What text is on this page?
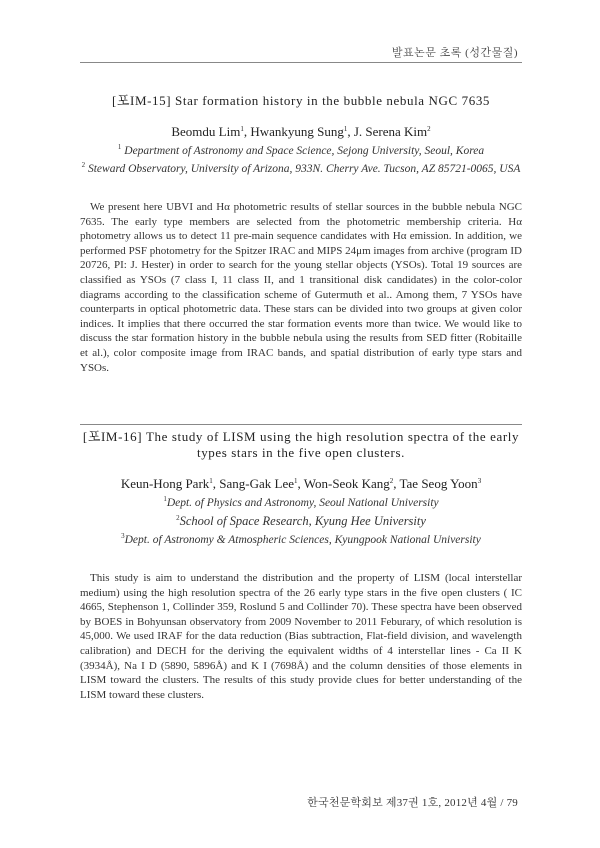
발표논문 초록 (성간물질)

[포IM-15] Star formation history in the bubble nebula NGC 7635

Beomdu Lim$^1$, Hwankyung Sung$^1$, J. Serena Kim$^2$
$^1$ Department of Astronomy and Space Science, Sejong University, Seoul, Korea
$^2$ Steward Observatory, University of Arizona, 933N. Cherry Ave. Tucson, AZ 85721-0065, USA

We present here UBVI and Hα photometric results of stellar sources in the bubble nebula NGC 7635. The early type members are selected from the photometric membership criteria. Hα photometry allows us to detect 11 pre-main sequence candidates with Hα emission. In addition, we performed PSF photometry for the Spitzer IRAC and MIPS 24μm images from archive (program ID 20726, PI: J. Hester) in order to search for the young stellar objects (YSOs). Total 19 sources are classified as YSOs (7 class I, 11 class II, and 1 transitional disk candidates) in the color-color diagrams according to the classification scheme of Gutermuth et al.. Among them, 7 YSOs have counterparts in optical photometric data. These stars can be divided into two groups at given color indices. It implies that there occurred the star formation events more than twice. We would like to discuss the star formation history in the bubble nebula using the results from SED fitter (Robitaille et al.), color composite image from IRAC bands, and spatial distribution of early type stars and YSOs.

[포IM-16] The study of LISM using the high resolution spectra of the early types stars in the five open clusters.

Keun-Hong Park$^1$, Sang-Gak Lee$^1$, Won-Seok Kang$^2$, Tae Seog Yoon$^3$
$^1$Dept. of Physics and Astronomy, Seoul National University
$^2$School of Space Research, Kyung Hee University
$^3$Dept. of Astronomy & Atmospheric Sciences, Kyungpook National University

This study is aim to understand the distribution and the property of LISM (local interstellar medium) using the high resolution spectra of the 26 early type stars in the five open clusters ( IC 4665, Stephenson 1, Collinder 359, Roslund 5 and Collinder 70). These spectra have been observed by BOES in Bohyunsan observatory from 2009 November to 2011 Feburary, of which resolution is 45,000. We used IRAF for the data reduction (Bias subtraction, Flat-field division, and wavelength calibration) and DECH for the deriving the equivalent widths of 4 interstellar lines - Ca II K (3934Å), Na I D (5890, 5896Å) and K I (7698Å) and the column densities of those elements in LISM toward the clusters. The results of this study provide clues for better understanding of the LISM toward these clusters.

한국천문학회보 제37권 1호, 2012년 4월 / 79
